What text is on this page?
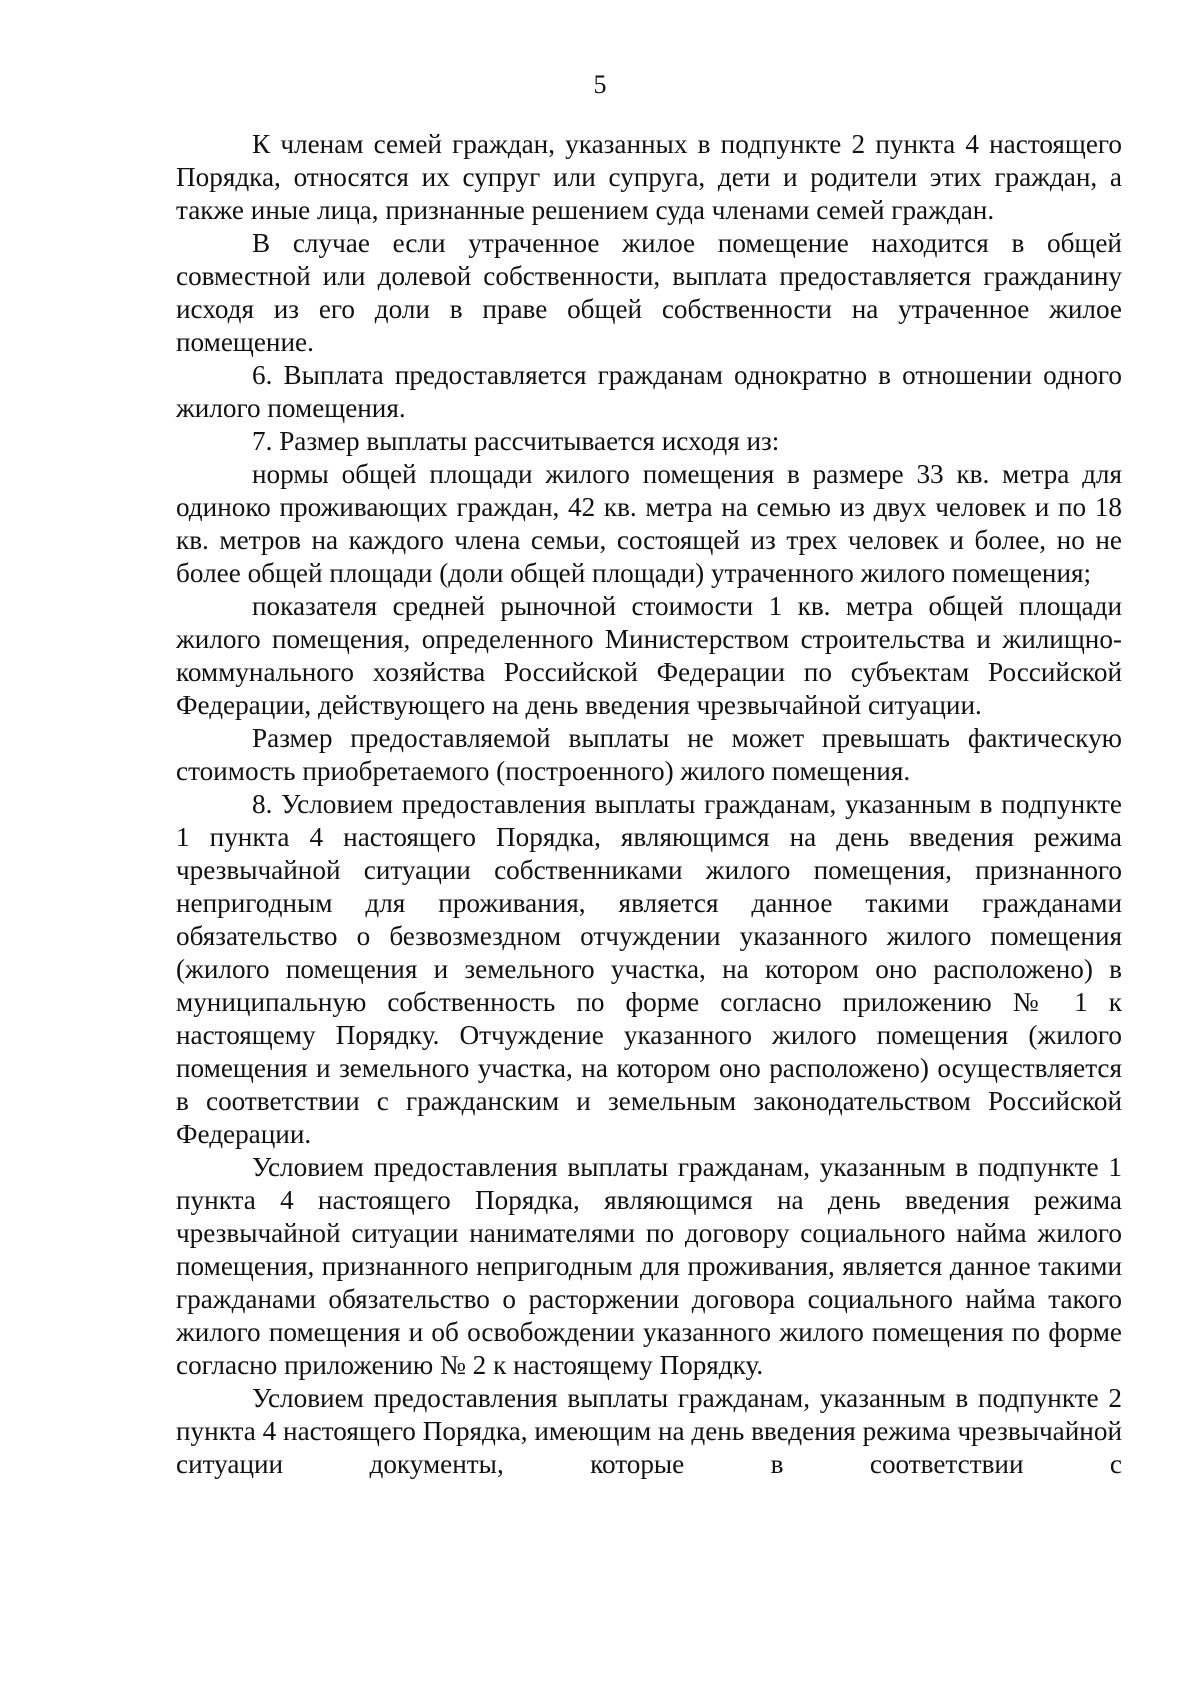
5

К членам семей граждан, указанных в подпункте 2 пункта 4 настоящего Порядка, относятся их супруг или супруга, дети и родители этих граждан, а также иные лица, признанные решением суда членами семей граждан.

В случае если утраченное жилое помещение находится в общей совместной или долевой собственности, выплата предоставляется гражданину исходя из его доли в праве общей собственности на утраченное жилое помещение.

6. Выплата предоставляется гражданам однократно в отношении одного жилого помещения.

7. Размер выплаты рассчитывается исходя из:

нормы общей площади жилого помещения в размере 33 кв. метра для одиноко проживающих граждан, 42 кв. метра на семью из двух человек и по 18 кв. метров на каждого члена семьи, состоящей из трех человек и более, но не более общей площади (доли общей площади) утраченного жилого помещения;

показателя средней рыночной стоимости 1 кв. метра общей площади жилого помещения, определенного Министерством строительства и жилищно-коммунального хозяйства Российской Федерации по субъектам Российской Федерации, действующего на день введения чрезвычайной ситуации.

Размер предоставляемой выплаты не может превышать фактическую стоимость приобретаемого (построенного) жилого помещения.

8. Условием предоставления выплаты гражданам, указанным в подпункте 1 пункта 4 настоящего Порядка, являющимся на день введения режима чрезвычайной ситуации собственниками жилого помещения, признанного непригодным для проживания, является данное такими гражданами обязательство о безвозмездном отчуждении указанного жилого помещения (жилого помещения и земельного участка, на котором оно расположено) в муниципальную собственность по форме согласно приложению № 1 к настоящему Порядку. Отчуждение указанного жилого помещения (жилого помещения и земельного участка, на котором оно расположено) осуществляется в соответствии с гражданским и земельным законодательством Российской Федерации.

Условием предоставления выплаты гражданам, указанным в подпункте 1 пункта 4 настоящего Порядка, являющимся на день введения режима чрезвычайной ситуации нанимателями по договору социального найма жилого помещения, признанного непригодным для проживания, является данное такими гражданами обязательство о расторжении договора социального найма такого жилого помещения и об освобождении указанного жилого помещения по форме согласно приложению № 2 к настоящему Порядку.

Условием предоставления выплаты гражданам, указанным в подпункте 2 пункта 4 настоящего Порядка, имеющим на день введения режима чрезвычайной ситуации документы, которые в соответствии с
